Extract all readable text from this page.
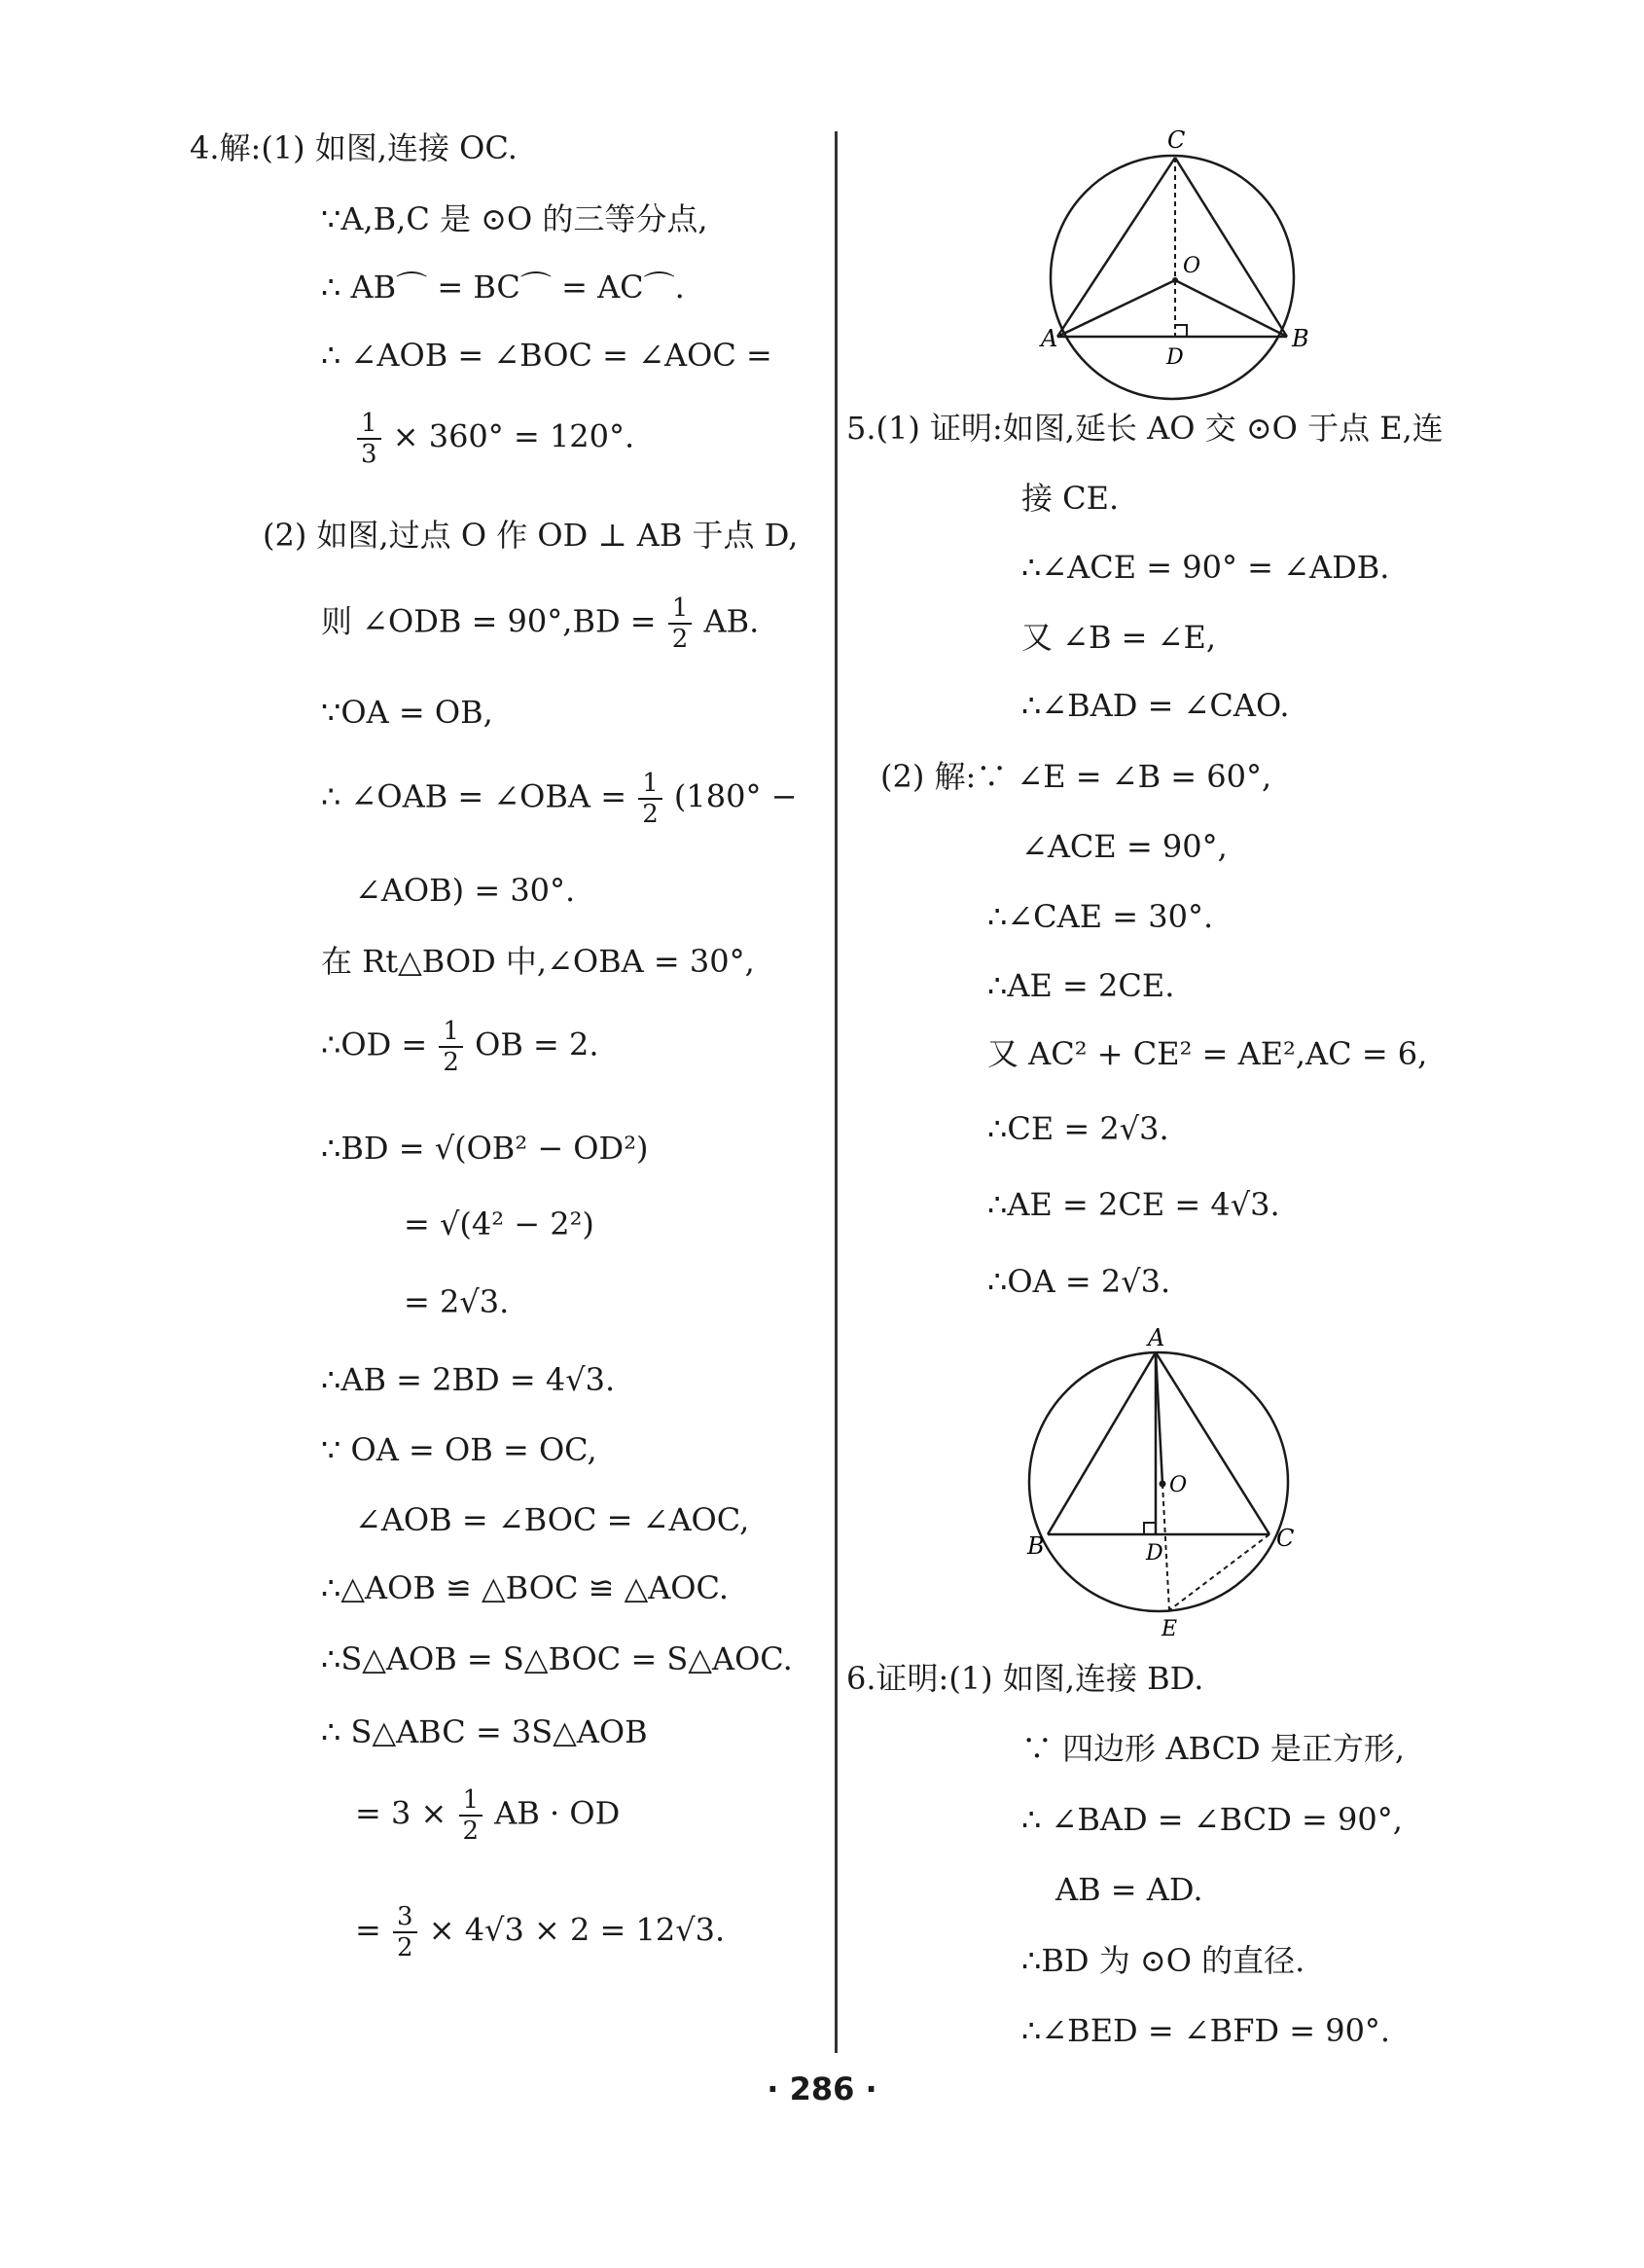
4.解:(1) 如图,连接 OC.
∵A,B,C 是 ⊙O 的三等分点,
∴ AB⌒ = BC⌒ = AC⌒.
∴ ∠AOB = ∠BOC = ∠AOC =
$\frac{1}{3} \times 360^\circ = 120^\circ$.
(2) 如图,过点 O 作 OD ⊥ AB 于点 D,
则 ∠ODB = $90^\circ,BD = \frac{1}{2}$ AB.
∵OA = OB,
∴ ∠OAB = ∠OBA = $\frac{1}{2} (180^\circ$ −
∠AOB) = 30°.
在 Rt△BOD 中,∠OBA = 30°,
∴OD = $\frac{1}{2}$ OB = 2.
∴BD = √(OB² − OD²)
= √(4² − 2²)
= 2√3.
∴AB = 2BD = 4√3.
∵ OA = OB = OC,
∠AOB = ∠BOC = ∠AOC,
∴△AOB ≌ △BOC ≌ △AOC.
∴S△AOB = S△BOC = S△AOC.
∴ S△ABC = 3S△AOB
= $3 \times \frac{1}{2}$ AB · OD
= $\frac{3}{2} \times 4√3 \times 2 = 12√3$.
C
O
A
D
B
5.(1) 证明:如图,延长 AO 交 ⊙O 于点 E,连
接 CE.
∴∠ACE = 90° = ∠ADB.
又 ∠B = ∠E,
∴∠BAD = ∠CAO.
(2) 解:∵ ∠E = ∠B = 60°,
∠ACE = 90°,
∴∠CAE = 30°.
∴AE = 2CE.
又 AC² + CE² = AE²,AC = 6,
∴CE = 2√3.
∴AE = 2CE = 4√3.
∴OA = 2√3.
A
O
B	D
C
E
6.证明:(1) 如图,连接 BD.
∵ 四边形 ABCD 是正方形,
∴ ∠BAD = ∠BCD = 90°,
AB = AD.
∴BD 为 ⊙O 的直径.
∴∠BED = ∠BFD = 90°.
· 286 ·
